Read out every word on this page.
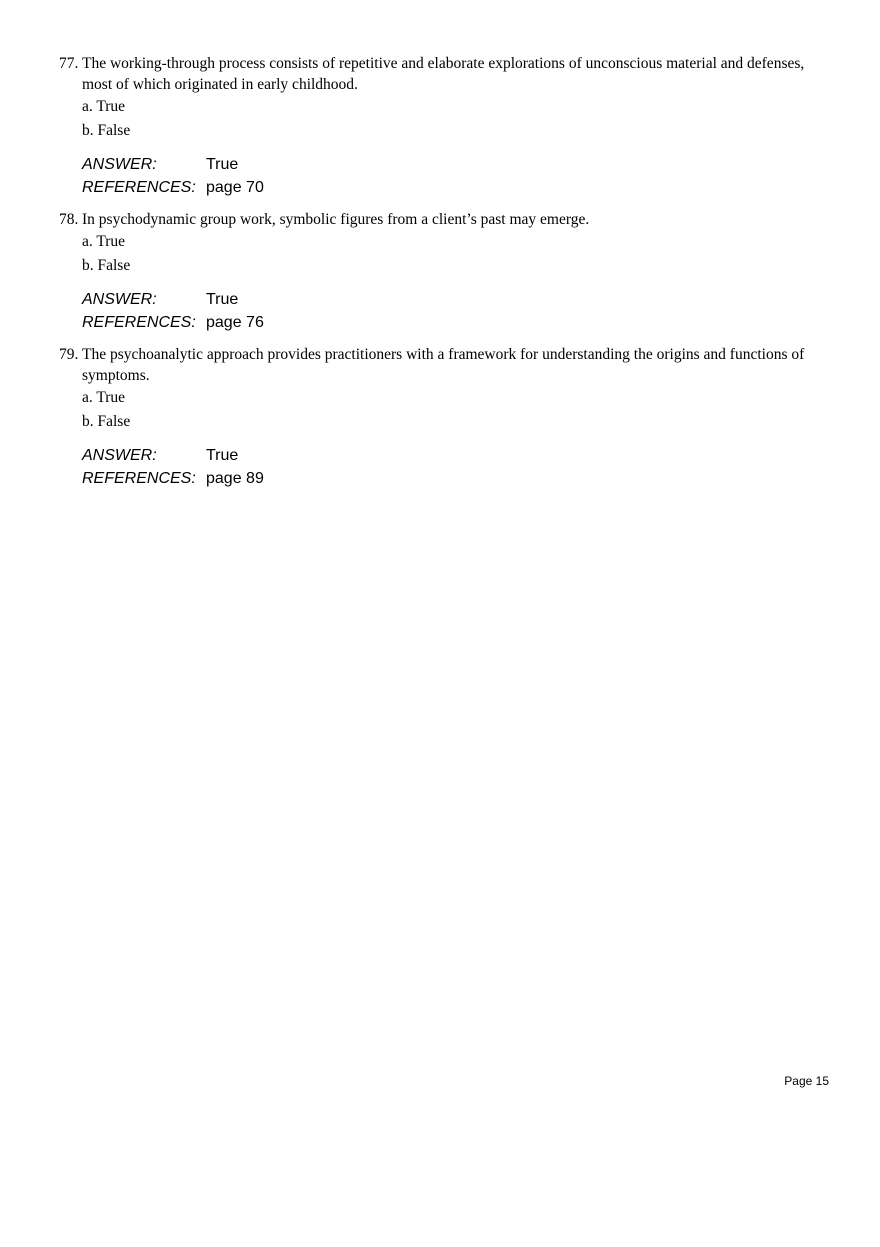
77. The working-through process consists of repetitive and elaborate explorations of unconscious material and defenses, most of which originated in early childhood.
a. True
b. False
ANSWER:	True
REFERENCES: page 70
78. In psychodynamic group work, symbolic figures from a client’s past may emerge.
a. True
b. False
ANSWER:	True
REFERENCES: page 76
79. The psychoanalytic approach provides practitioners with a framework for understanding the origins and functions of symptoms.
a. True
b. False
ANSWER:	True
REFERENCES: page 89
Page 15
